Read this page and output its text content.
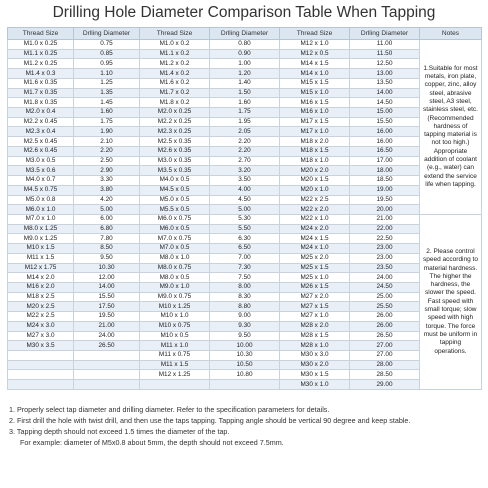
Drilling Hole Diameter Comparison Table When Tapping
Thread Size	Drlling Diameter	Thread Size	Drlling Diameter	Thread Size	Drlling Diameter	Notes
M1.0 x 0.25	0.75	M1.0 x 0.2	0.80	M12 x 1.0	11.00	1.Suitable for most metals, iron plate, copper, zinc, alloy steel, abrasive steel, A3 steel, stainless steel, etc.(Recommended hardness of tapping material is not too high.) Appropriate addition of coolant (e.g., water) can extend the service life when tapping.
M1.1 x 0.25	0.85	M1.1 x 0.2	0.90	M12 x 0.5	11.50	
M1.2 x 0.25	0.95	M1.2 x 0.2	1.00	M14 x 1.5	12.50	
M1.4 x 0.3	1.10	M1.4 x 0.2	1.20	M14 x 1.0	13.00	
M1.6 x 0.35	1.25	M1.6 x 0.2	1.40	M15 x 1.5	13.50	
M1.7 x 0.35	1.35	M1.7 x 0.2	1.50	M15 x 1.0	14.00	
M1.8 x 0.35	1.45	M1.8 x 0.2	1.60	M16 x 1.5	14.50	
M2.0 x 0.4	1.60	M2.0 x 0.25	1.75	M16 x 1.0	15.00	
M2.2 x 0.45	1.75	M2.2 x 0.25	1.95	M17 x 1.5	15.50	
M2.3 x 0.4	1.90	M2.3 x 0.25	2.05	M17 x 1.0	16.00	
M2.5 x 0.45	2.10	M2.5 x 0.35	2.20	M18 x 2.0	16.00	
M2.6 x 0.45	2.20	M2.6 x 0.35	2.20	M18 x 1.5	16.50	
M3.0 x 0.5	2.50	M3.0 x 0.35	2.70	M18 x 1.0	17.00	
M3.5 x 0.6	2.90	M3.5 x 0.35	3.20	M20 x 2.0	18.00	
M4.0 x 0.7	3.30	M4.0 x 0.5	3.50	M20 x 1.5	18.50	
M4.5 x 0.75	3.80	M4.5 x 0.5	4.00	M20 x 1.0	19.00	
M5.0 x 0.8	4.20	M5.0 x 0.5	4.50	M22 x 2.5	19.50	
M6.0 x 1.0	5.00	M5.5 x 0.5	5.00	M22 x 2.0	20.00	
M7.0 x 1.0	6.00	M6.0 x 0.75	5.30	M22 x 1.0	21.00	2. Please control speed according to material hardness. The higher the hardness, the slower the speed. Fast speed with small torque; slow speed with high torque. The force must be uniform in tapping operations.
M8.0 x 1.25	6.80	M6.0 x 0.5	5.50	M24 x 2.0	22.00	
M9.0 x 1.25	7.80	M7.0 x 0.75	6.30	M24 x 1.5	22.50	
M10 x 1.5	8.50	M7.0 x 0.5	6.50	M24 x 1.0	23.00	
M11 x 1.5	9.50	M8.0 x 1.0	7.00	M25 x 2.0	23.00	
M12 x 1.75	10.30	M8.0 x 0.75	7.30	M25 x 1.5	23.50	
M14 x 2.0	12.00	M8.0 x 0.5	7.50	M25 x 1.0	24.00	
M16 x 2.0	14.00	M9.0 x 1.0	8.00	M26 x 1.5	24.50	
M18 x 2.5	15.50	M9.0 x 0.75	8.30	M27 x 2.0	25.00	
M20 x 2.5	17.50	M10 x 1.25	8.80	M27 x 1.5	25.50	
M22 x 2.5	19.50	M10 x 1.0	9.00	M27 x 1.0	26.00	
M24 x 3.0	21.00	M10 x 0.75	9.30	M28 x 2.0	26.00	
M27 x 3.0	24.00	M10 x 0.5	9.50	M28 x 1.5	26.50	
M30 x 3.5	26.50	M11 x 1.0	10.00	M28 x 1.0	27.00	
		M11 x 0.75	10.30	M30 x 3.0	27.00	
		M11 x 1.5	10.50	M30 x 2.0	28.00	
		M12 x 1.25	10.80	M30 x 1.5	28.50	
				M30 x 1.0	29.00	
1. Properly select tap diameter and drilling diameter. Refer to the specification parameters for details.
2. First drill the hole with twist drill, and then use the taps tapping. Tapping angle should be vertical 90 degree and keep stable.
3. Tapping depth should not exceed 1.5 times the diameter of the tap.
For example: diameter of M5x0.8 about 5mm, the depth should not exceed 7.5mm.
